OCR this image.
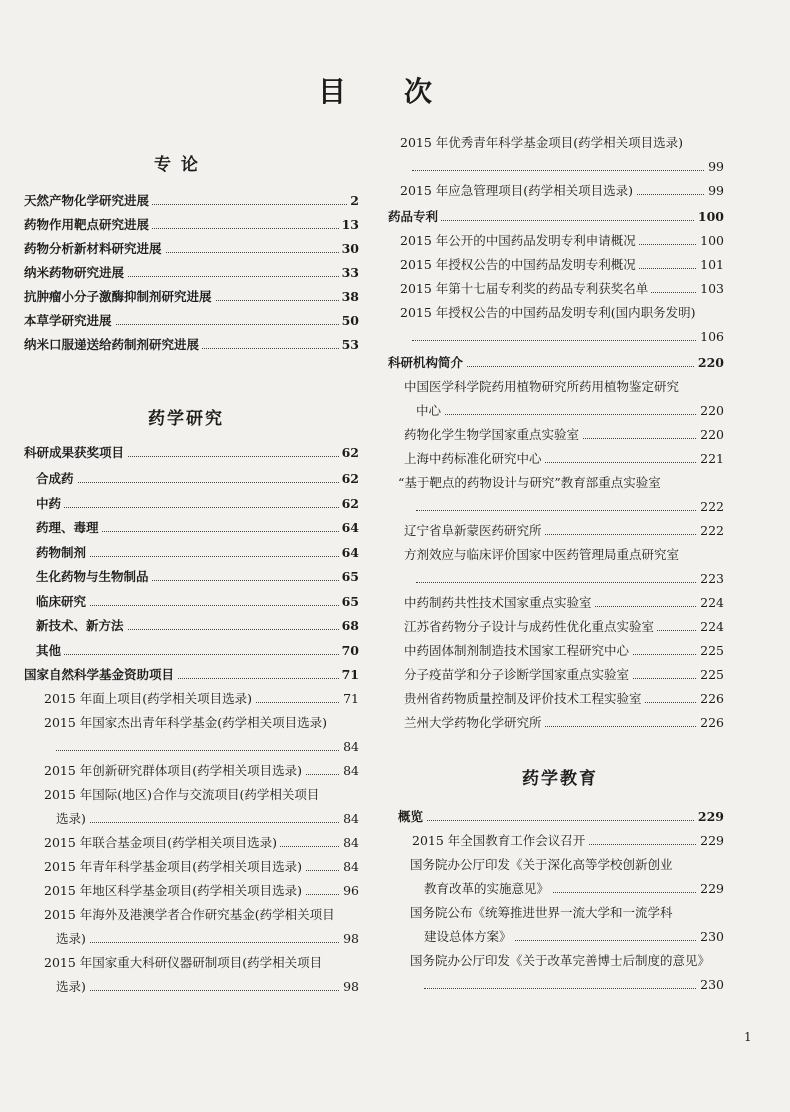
目 次
专 论
天然产物化学研究进展	2
药物作用靶点研究进展	13
药物分析新材料研究进展	30
纳米药物研究进展	33
抗肿瘤小分子激酶抑制剂研究进展	38
本草学研究进展	50
纳米口服递送给药制剂研究进展	53
药学研究
科研成果获奖项目	62
合成药	62
中药	62
药理、毒理	64
药物制剂	64
生化药物与生物制品	65
临床研究	65
新技术、新方法	68
其他	70
国家自然科学基金资助项目	71
2015 年面上项目(药学相关项目选录)	71
2015 年国家杰出青年科学基金(药学相关项目选录)
84
2015 年创新研究群体项目(药学相关项目选录)	84
2015 年国际(地区)合作与交流项目(药学相关项目
选录)	84
2015 年联合基金项目(药学相关项目选录)	84
2015 年青年科学基金项目(药学相关项目选录)	84
2015 年地区科学基金项目(药学相关项目选录)	96
2015 年海外及港澳学者合作研究基金(药学相关项目
选录)	98
2015 年国家重大科研仪器研制项目(药学相关项目
选录)	98
2015 年优秀青年科学基金项目(药学相关项目选录)
99
2015 年应急管理项目(药学相关项目选录)	99
药品专利	100
2015 年公开的中国药品发明专利申请概况	100
2015 年授权公告的中国药品发明专利概况	101
2015 年第十七届专利奖的药品专利获奖名单	103
2015 年授权公告的中国药品发明专利(国内职务发明)
106
科研机构简介	220
中国医学科学院药用植物研究所药用植物鉴定研究
中心	220
药物化学生物学国家重点实验室	220
上海中药标准化研究中心	221
“基于靶点的药物设计与研究”教育部重点实验室
222
辽宁省阜新蒙医药研究所	222
方剂效应与临床评价国家中医药管理局重点研究室
223
中药制药共性技术国家重点实验室	224
江苏省药物分子设计与成药性优化重点实验室	224
中药固体制剂制造技术国家工程研究中心	225
分子疫苗学和分子诊断学国家重点实验室	225
贵州省药物质量控制及评价技术工程实验室	226
兰州大学药物化学研究所	226
药学教育
概览	229
2015 年全国教育工作会议召开	229
国务院办公厅印发《关于深化高等学校创新创业
教育改革的实施意见》	229
国务院公布《统筹推进世界一流大学和一流学科
建设总体方案》	230
国务院办公厅印发《关于改革完善博士后制度的意见》
230
1
